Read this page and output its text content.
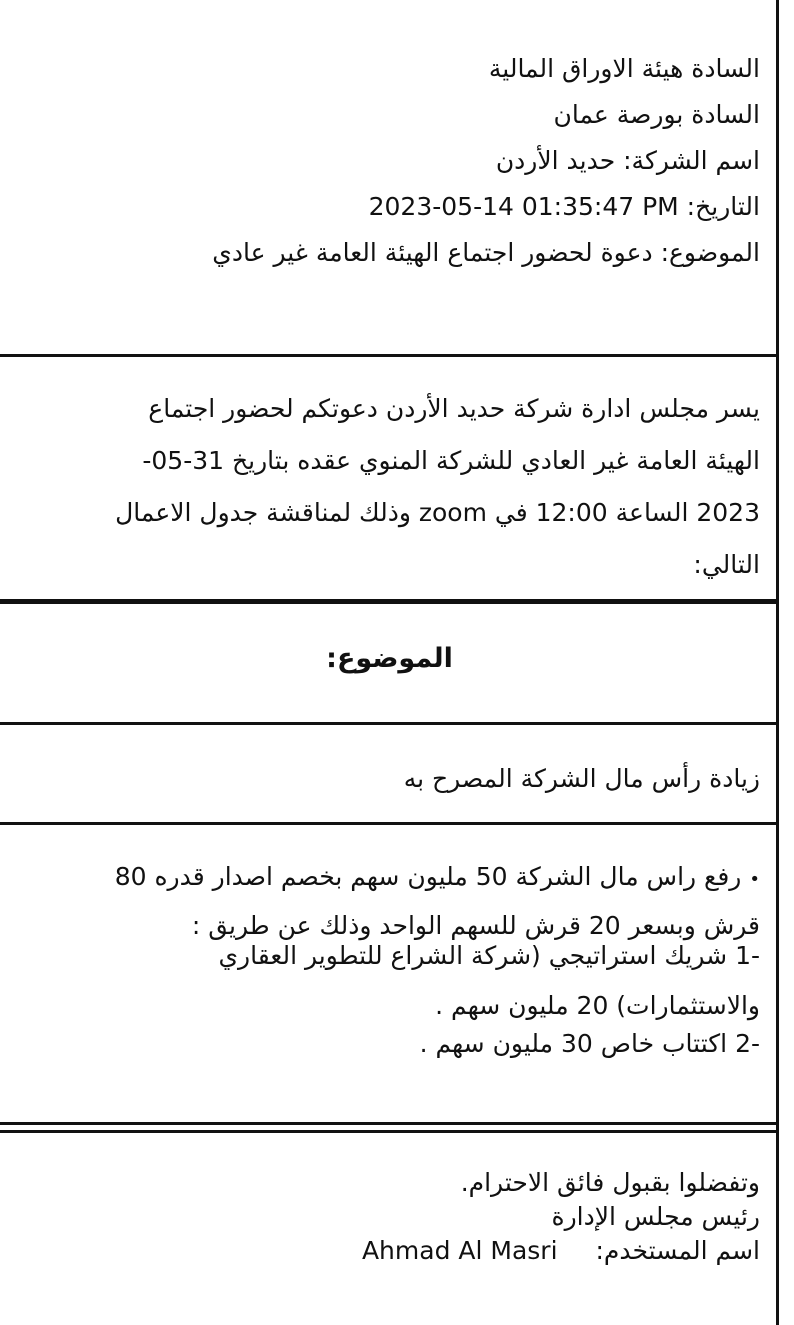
السادة هيئة الاوراق المالية
السادة بورصة عمان
اسم الشركة: حديد الأردن
التاريخ: 2023-05-14 01:35:47 PM
الموضوع: دعوة لحضور اجتماع الهيئة العامة غير عادي
يسر مجلس ادارة شركة حديد الأردن دعوتكم لحضور اجتماع
الهيئة العامة غير العادي للشركة المنوي عقده بتاريخ 31-05-
2023 الساعة 12:00 في zoom وذلك لمناقشة جدول الاعمال
التالي:
الموضوع:
زيادة رأس مال الشركة المصرح به
•رفع راس مال الشركة 50 مليون سهم بخصم اصدار قدره 80
قرش وبسعر 20 قرش للسهم الواحد وذلك عن طريق :
-1 شريك استراتيجي (شركة الشراع للتطوير العقاري
والاستثمارات) 20 مليون سهم .
-2 اكتتاب خاص 30 مليون سهم .
وتفضلوا بقبول فائق الاحترام.
رئيس مجلس الإدارة
اسم المستخدم: Ahmad Al Masri
